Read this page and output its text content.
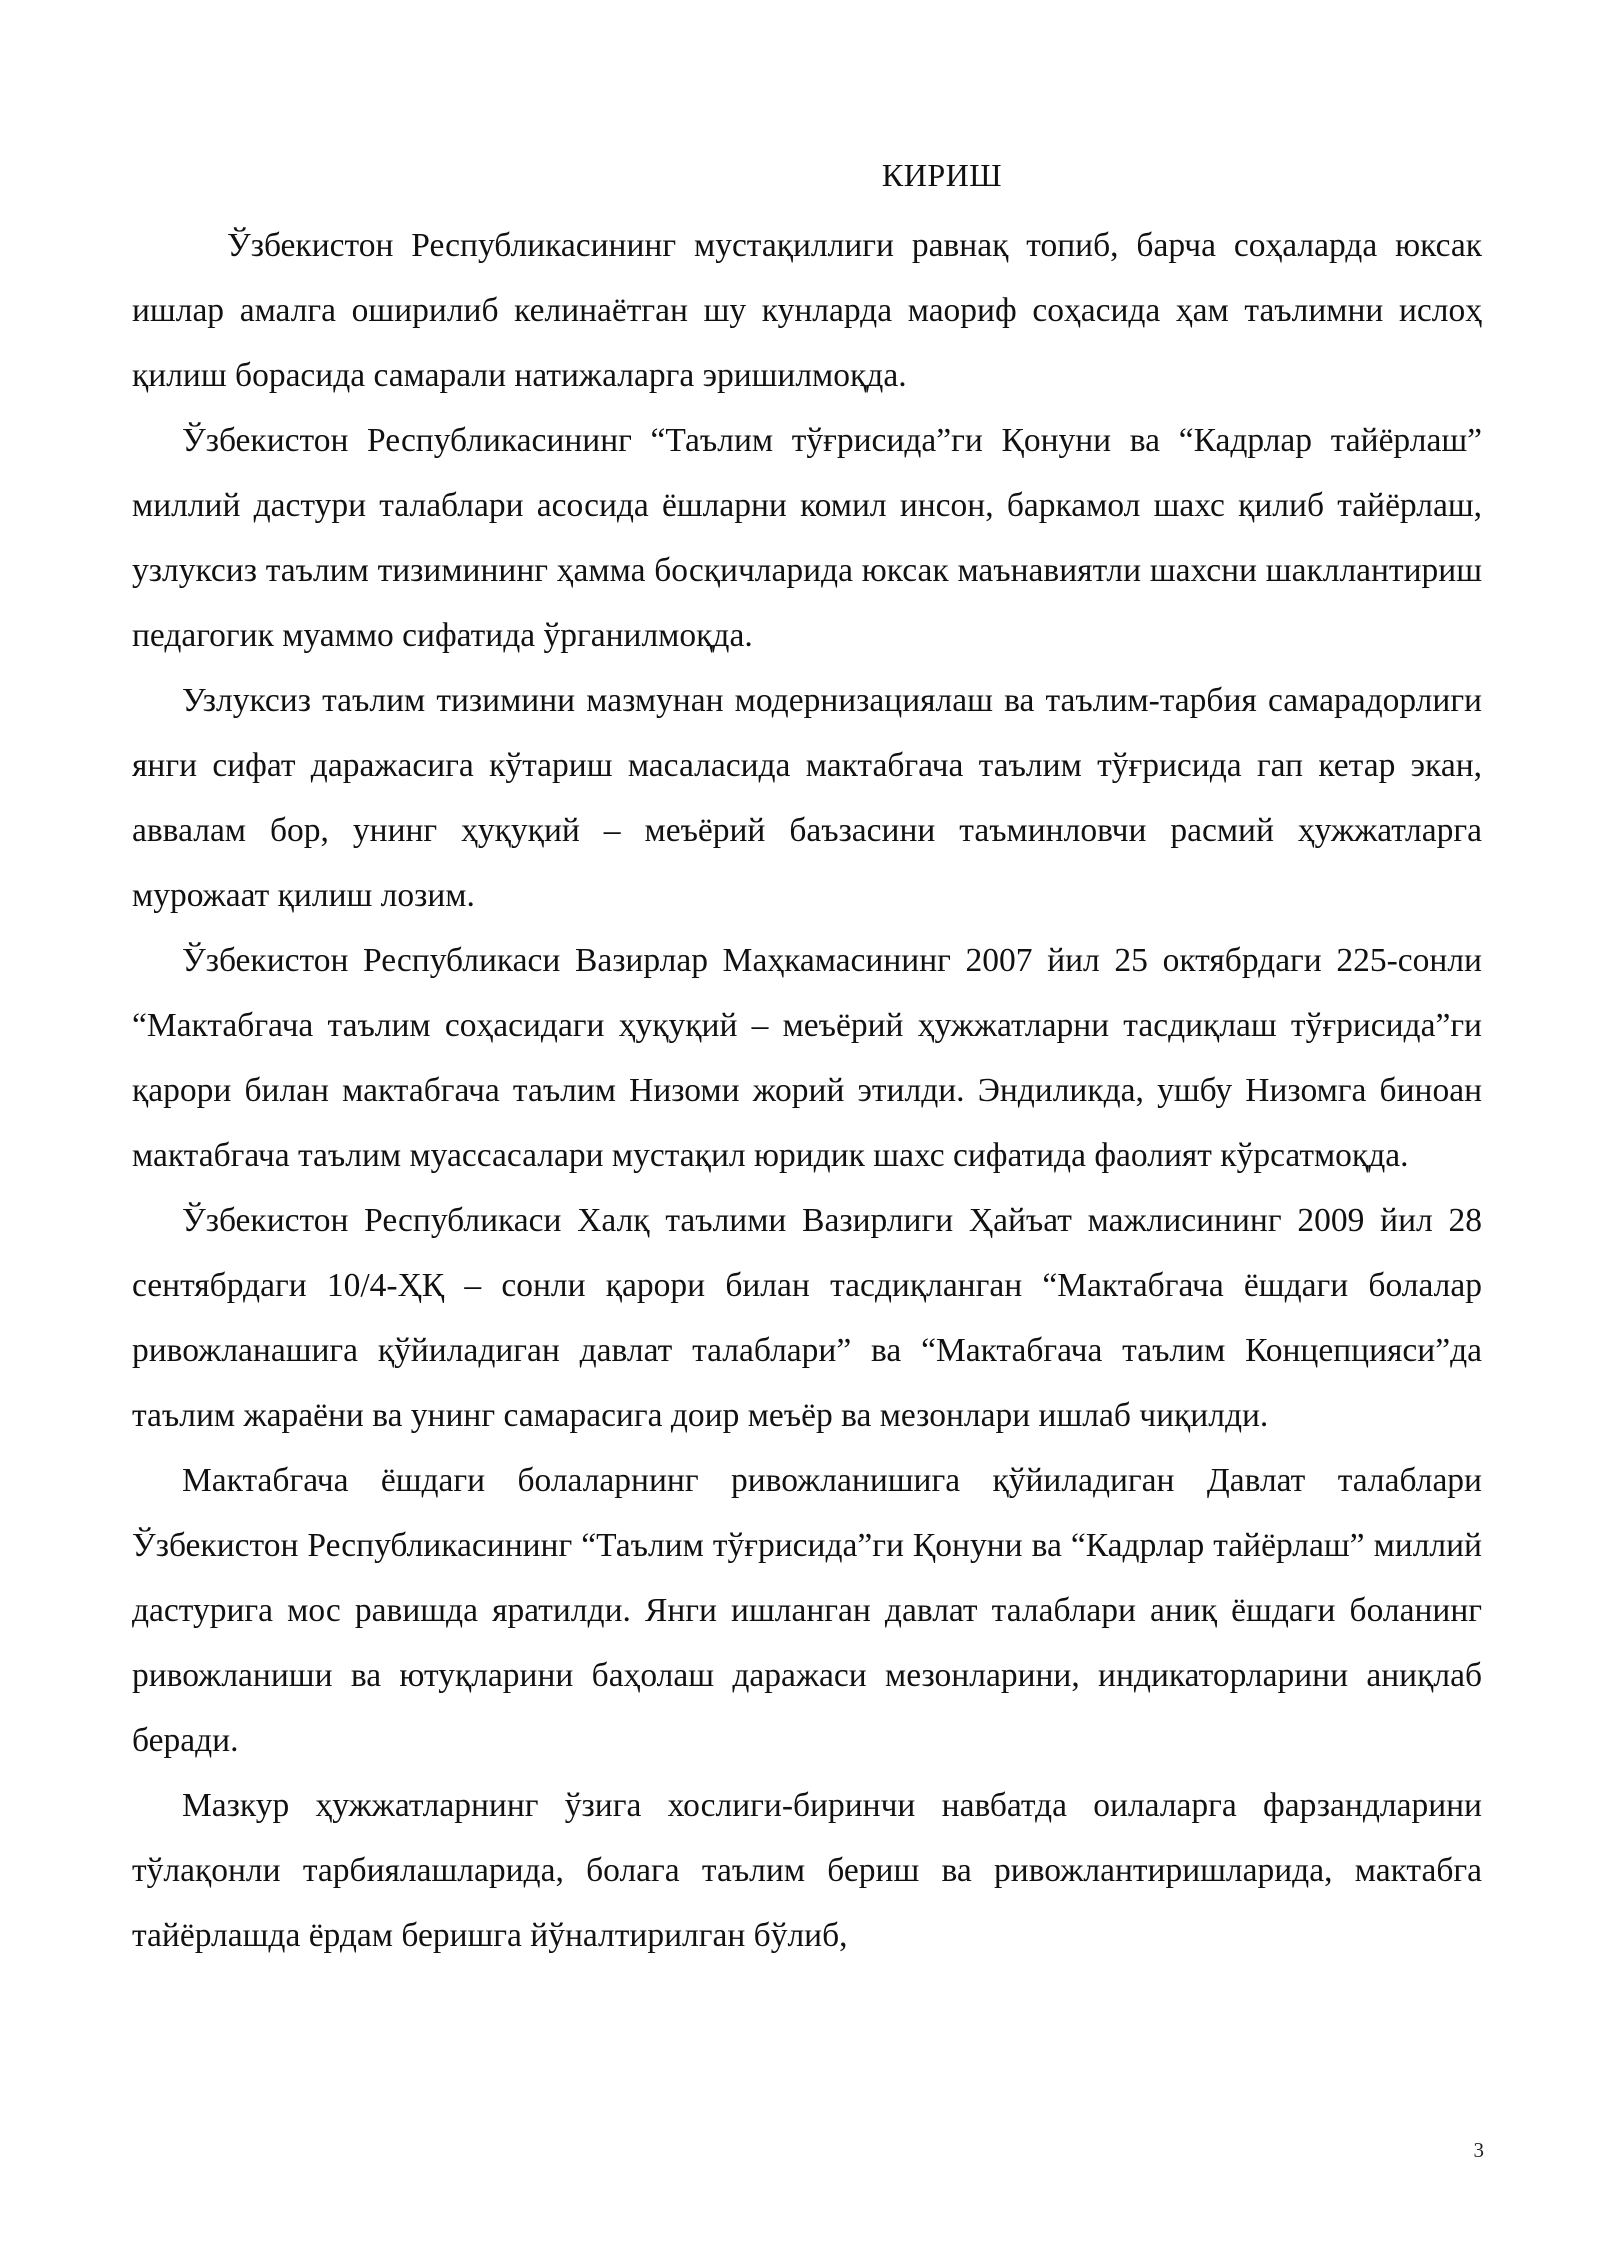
КИРИШ

Ўзбекистон Республикасининг мустақиллиги равнақ топиб, барча соҳаларда юксак ишлар амалга оширилиб келинаётган шу кунларда маориф соҳасида ҳам таълимни ислоҳ қилиш борасида самарали натижаларга эришилмоқда.

Ўзбекистон Республикасининг “Таълим тўғрисида”ги Қонуни ва “Кадрлар тайёрлаш” миллий дастури талаблари асосида ёшларни комил инсон, баркамол шахс қилиб тайёрлаш, узлуксиз таълим тизимининг ҳамма босқичларида юксак маънавиятли шахсни шакллантириш педагогик муаммо сифатида ўрганилмоқда.

Узлуксиз таълим тизимини мазмунан модернизациялаш ва таълим-тарбия самарадорлиги янги сифат даражасига кўтариш масаласида мактабгача таълим тўғрисида гап кетар экан, аввалам бор, унинг ҳуқуқий – меъёрий баъзасини таъминловчи расмий ҳужжатларга мурожаат қилиш лозим.

Ўзбекистон Республикаси Вазирлар Маҳкамасининг 2007 йил 25 октябрдаги 225-сонли “Мактабгача таълим соҳасидаги ҳуқуқий – меъёрий ҳужжатларни тасдиқлаш тўғрисида”ги қарори билан мактабгача таълим Низоми жорий этилди. Эндиликда, ушбу Низомга биноан мактабгача таълим муассасалари мустақил юридик шахс сифатида фаолият кўрсатмоқда.

Ўзбекистон Республикаси Халқ таълими Вазирлиги Ҳайъат мажлисининг 2009 йил 28 сентябрдаги 10/4-ҲҚ – сонли қарори билан тасдиқланган “Мактабгача ёшдаги болалар ривожланашига қўйиладиган давлат талаблари” ва “Мактабгача таълим Концепцияси”да таълим жараёни ва унинг самарасига доир меъёр ва мезонлари ишлаб чиқилди.

Мактабгача ёшдаги болаларнинг ривожланишига қўйиладиган Давлат талаблари Ўзбекистон Республикасининг “Таълим тўғрисида”ги Қонуни ва “Кадрлар тайёрлаш” миллий дастурига мос равишда яратилди. Янги ишланган давлат талаблари аниқ ёшдаги боланинг ривожланиши ва ютуқларини баҳолаш даражаси мезонларини, индикаторларини аниқлаб беради.

Мазкур ҳужжатларнинг ўзига хослиги-биринчи навбатда оилаларга фарзандларини тўлақонли тарбиялашларида, болага таълим бериш ва ривожлантиришларида, мактабга тайёрлашда ёрдам беришга йўналтирилган бўлиб,

3
